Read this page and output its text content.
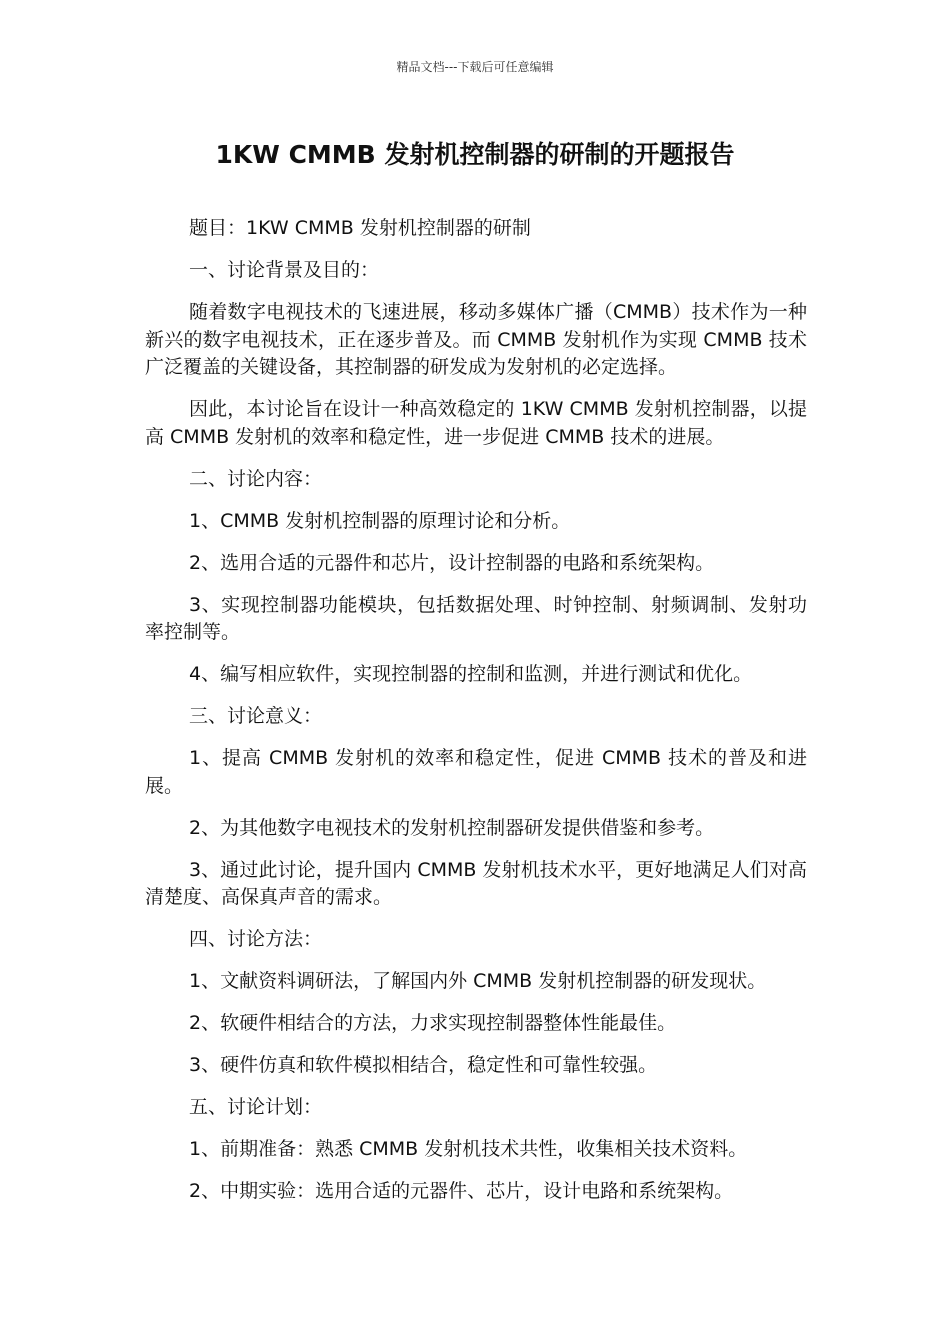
精品文档---下载后可任意编辑
1KW CMMB 发射机控制器的研制的开题报告

题目：1KW CMMB 发射机控制器的研制

一、讨论背景及目的：

随着数字电视技术的飞速进展，移动多媒体广播（CMMB）技术作为一种新兴的数字电视技术，正在逐步普及。而 CMMB 发射机作为实现 CMMB 技术广泛覆盖的关键设备，其控制器的研发成为发射机的必定选择。

因此，本讨论旨在设计一种高效稳定的 1KW CMMB 发射机控制器，以提高 CMMB 发射机的效率和稳定性，进一步促进 CMMB 技术的进展。

二、讨论内容：

1、CMMB 发射机控制器的原理讨论和分析。

2、选用合适的元器件和芯片，设计控制器的电路和系统架构。

3、实现控制器功能模块，包括数据处理、时钟控制、射频调制、发射功率控制等。

4、编写相应软件，实现控制器的控制和监测，并进行测试和优化。

三、讨论意义：

1、提高 CMMB 发射机的效率和稳定性，促进 CMMB 技术的普及和进展。

2、为其他数字电视技术的发射机控制器研发提供借鉴和参考。

3、通过此讨论，提升国内 CMMB 发射机技术水平，更好地满足人们对高清楚度、高保真声音的需求。

四、讨论方法：

1、文献资料调研法，了解国内外 CMMB 发射机控制器的研发现状。

2、软硬件相结合的方法，力求实现控制器整体性能最佳。

3、硬件仿真和软件模拟相结合，稳定性和可靠性较强。

五、讨论计划：

1、前期准备：熟悉 CMMB 发射机技术共性，收集相关技术资料。

2、中期实验：选用合适的元器件、芯片，设计电路和系统架构。
